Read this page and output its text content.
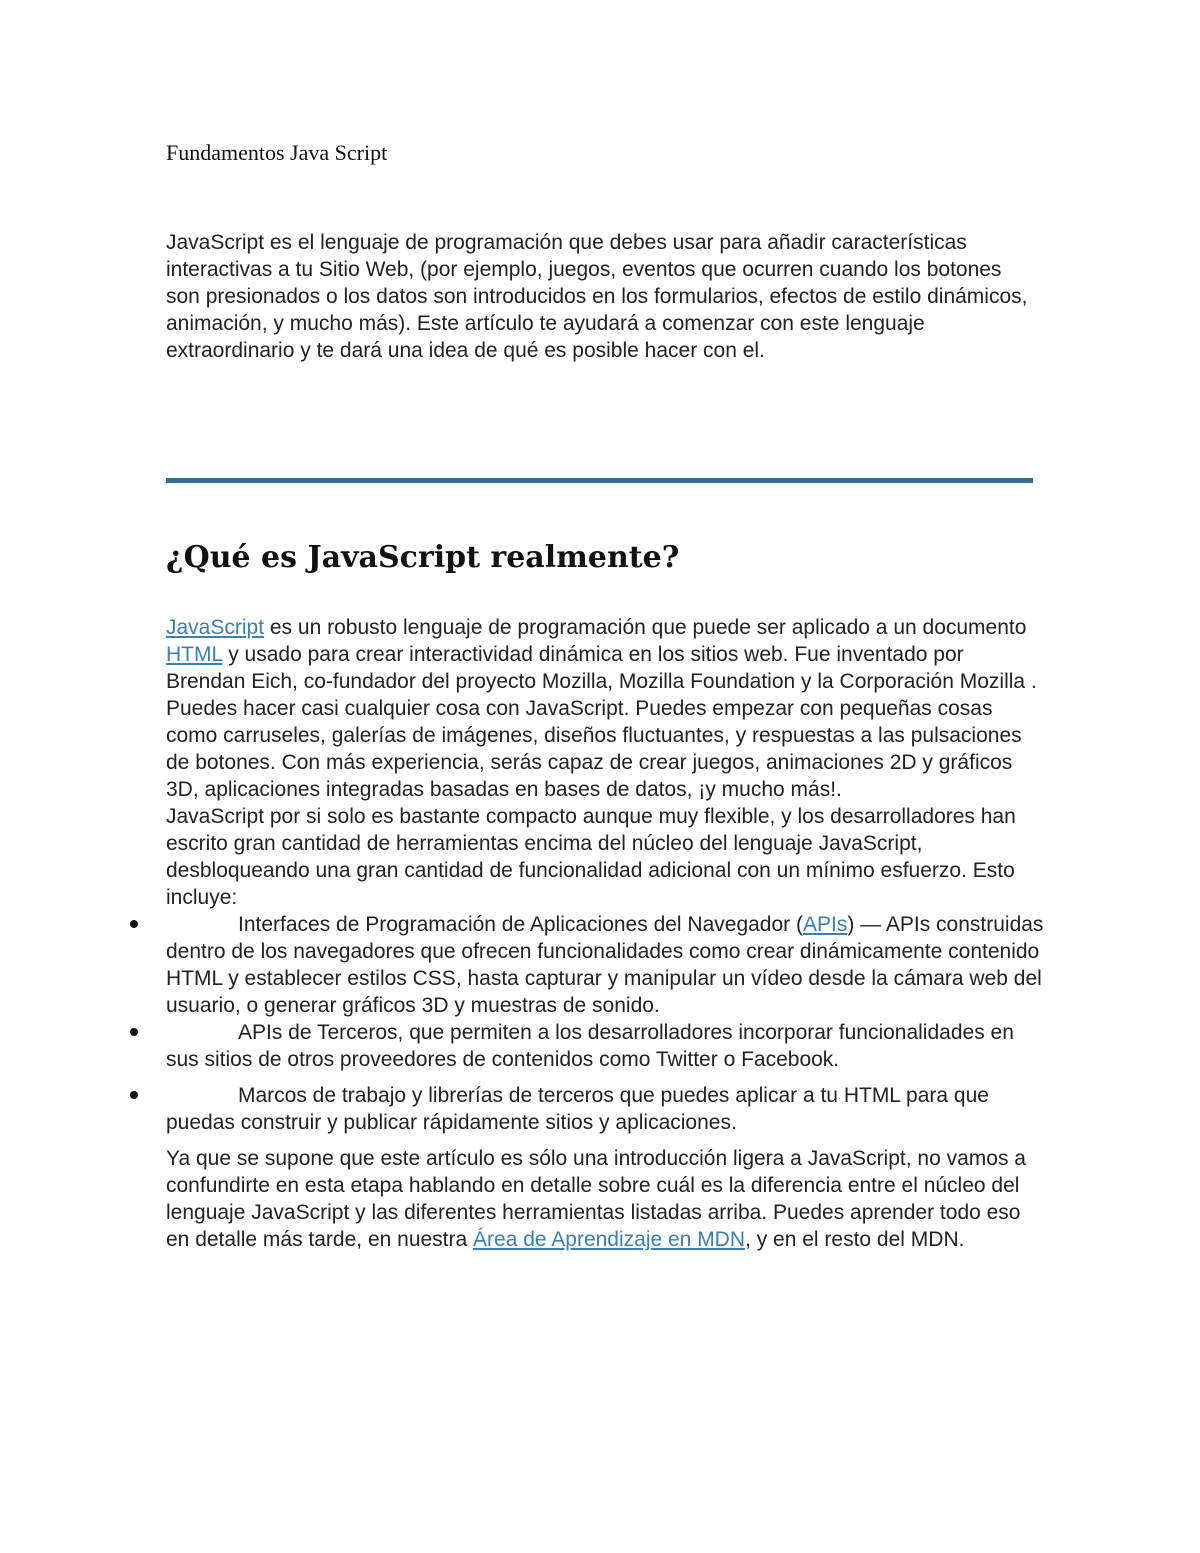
Fundamentos Java Script

JavaScript es el lenguaje de programación que debes usar para añadir características interactivas a tu Sitio Web, (por ejemplo, juegos, eventos que ocurren cuando los botones son presionados o los datos son introducidos en los formularios, efectos de estilo dinámicos, animación, y mucho más). Este artículo te ayudará a comenzar con este lenguaje extraordinario y te dará una idea de qué es posible hacer con el.

¿Qué es JavaScript realmente?

JavaScript es un robusto lenguaje de programación que puede ser aplicado a un documento HTML y usado para crear interactividad dinámica en los sitios web. Fue inventado por Brendan Eich, co-fundador del proyecto Mozilla, Mozilla Foundation y la Corporación Mozilla .

Puedes hacer casi cualquier cosa con JavaScript. Puedes empezar con pequeñas cosas como carruseles, galerías de imágenes, diseños fluctuantes, y respuestas a las pulsaciones de botones. Con más experiencia, serás capaz de crear juegos, animaciones 2D y gráficos 3D, aplicaciones integradas basadas en bases de datos, ¡y mucho más!.

JavaScript por si solo es bastante compacto aunque muy flexible, y los desarrolladores han escrito gran cantidad de herramientas encima del núcleo del lenguaje JavaScript, desbloqueando una gran cantidad de funcionalidad adicional con un mínimo esfuerzo. Esto incluye:

Interfaces de Programación de Aplicaciones del Navegador (APIs) — APIs construidas dentro de los navegadores que ofrecen funcionalidades como crear dinámicamente contenido HTML y establecer estilos CSS, hasta capturar y manipular un vídeo desde la cámara web del usuario, o generar gráficos 3D y muestras de sonido.
APIs de Terceros, que permiten a los desarrolladores incorporar funcionalidades en sus sitios de otros proveedores de contenidos como Twitter o Facebook.
Marcos de trabajo y librerías de terceros que puedes aplicar a tu HTML para que puedas construir y publicar rápidamente sitios y aplicaciones.

Ya que se supone que este artículo es sólo una introducción ligera a JavaScript, no vamos a confundirte en esta etapa hablando en detalle sobre cuál es la diferencia entre el núcleo del lenguaje JavaScript y las diferentes herramientas listadas arriba. Puedes aprender todo eso en detalle más tarde, en nuestra Área de Aprendizaje en MDN, y en el resto del MDN.
